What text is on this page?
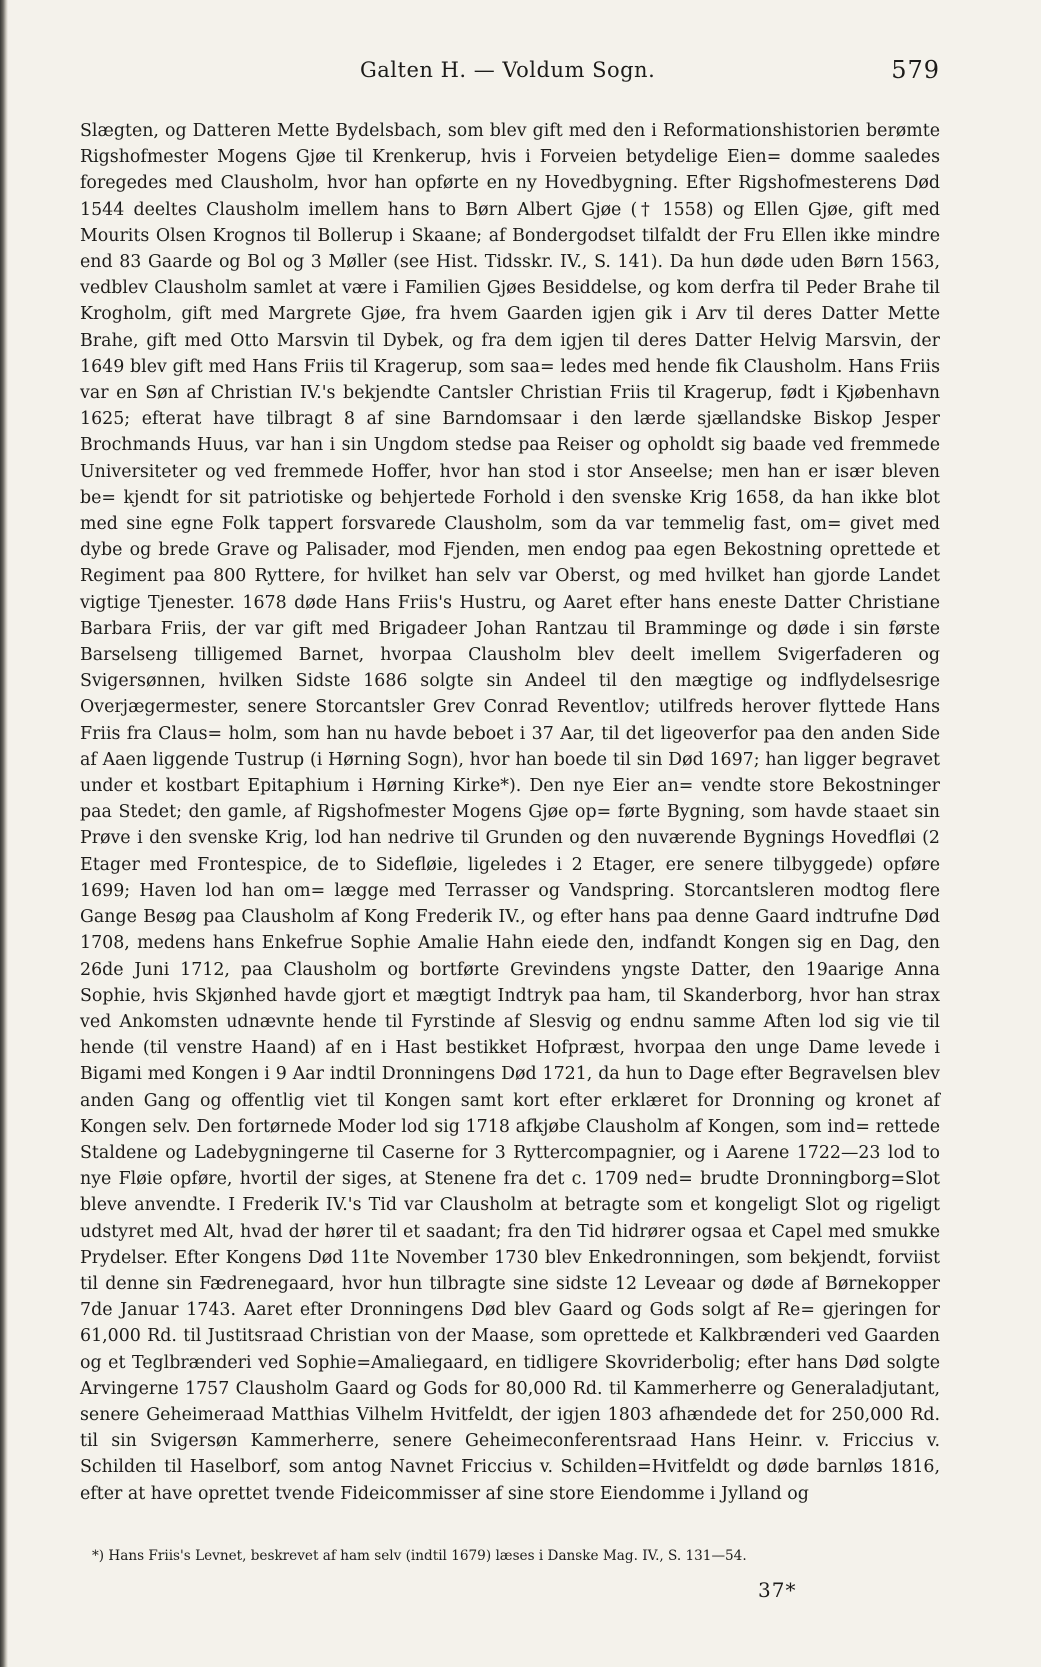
Galten H. — Voldum Sogn.	579

Slægten, og Datteren Mette Bydelsbach, som blev gift med den i Reformationshistorien berømte Rigshofmester Mogens Gjøe til Krenkerup, hvis i Forveien betydelige Eien= domme saaledes foregedes med Clausholm, hvor han opførte en ny Hovedbygning. Efter Rigshofmesterens Død 1544 deeltes Clausholm imellem hans to Børn Albert Gjøe († 1558) og Ellen Gjøe, gift med Mourits Olsen Krognos til Bollerup i Skaane; af Bondergodset tilfaldt der Fru Ellen ikke mindre end 83 Gaarde og Bol og 3 Møller (see Hist. Tidsskr. IV., S. 141). Da hun døde uden Børn 1563, vedblev Clausholm samlet at være i Familien Gjøes Besiddelse, og kom derfra til Peder Brahe til Krogholm, gift med Margrete Gjøe, fra hvem Gaarden igjen gik i Arv til deres Datter Mette Brahe, gift med Otto Marsvin til Dybek, og fra dem igjen til deres Datter Helvig Marsvin, der 1649 blev gift med Hans Friis til Kragerup, som saa= ledes med hende fik Clausholm. Hans Friis var en Søn af Christian IV.'s bekjendte Cantsler Christian Friis til Kragerup, født i Kjøbenhavn 1625; efterat have tilbragt 8 af sine Barndomsaar i den lærde sjællandske Biskop Jesper Brochmands Huus, var han i sin Ungdom stedse paa Reiser og opholdt sig baade ved fremmede Universiteter og ved fremmede Hoffer, hvor han stod i stor Anseelse; men han er især bleven be= kjendt for sit patriotiske og behjertede Forhold i den svenske Krig 1658, da han ikke blot med sine egne Folk tappert forsvarede Clausholm, som da var temmelig fast, om= givet med dybe og brede Grave og Palisader, mod Fjenden, men endog paa egen Bekostning oprettede et Regiment paa 800 Ryttere, for hvilket han selv var Oberst, og med hvilket han gjorde Landet vigtige Tjenester. 1678 døde Hans Friis's Hustru, og Aaret efter hans eneste Datter Christiane Barbara Friis, der var gift med Brigadeer Johan Rantzau til Bramminge og døde i sin første Barselseng tilligemed Barnet, hvorpaa Clausholm blev deelt imellem Svigerfaderen og Svigersønnen, hvilken Sidste 1686 solgte sin Andeel til den mægtige og indflydelsesrige Overjægermester, senere Storcantsler Grev Conrad Reventlov; utilfreds herover flyttede Hans Friis fra Claus= holm, som han nu havde beboet i 37 Aar, til det ligeoverfor paa den anden Side af Aaen liggende Tustrup (i Hørning Sogn), hvor han boede til sin Død 1697; han ligger begravet under et kostbart Epitaphium i Hørning Kirke*). Den nye Eier an= vendte store Bekostninger paa Stedet; den gamle, af Rigshofmester Mogens Gjøe op= førte Bygning, som havde staaet sin Prøve i den svenske Krig, lod han nedrive til Grunden og den nuværende Bygnings Hovedfløi (2 Etager med Frontespice, de to Sidefløie, ligeledes i 2 Etager, ere senere tilbyggede) opføre 1699; Haven lod han om= lægge med Terrasser og Vandspring. Storcantsleren modtog flere Gange Besøg paa Clausholm af Kong Frederik IV., og efter hans paa denne Gaard indtrufne Død 1708, medens hans Enkefrue Sophie Amalie Hahn eiede den, indfandt Kongen sig en Dag, den 26de Juni 1712, paa Clausholm og bortførte Grevindens yngste Datter, den 19aarige Anna Sophie, hvis Skjønhed havde gjort et mægtigt Indtryk paa ham, til Skanderborg, hvor han strax ved Ankomsten udnævnte hende til Fyrstinde af Slesvig og endnu samme Aften lod sig vie til hende (til venstre Haand) af en i Hast bestikket Hofpræst, hvorpaa den unge Dame levede i Bigami med Kongen i 9 Aar indtil Dronningens Død 1721, da hun to Dage efter Begravelsen blev anden Gang og offentlig viet til Kongen samt kort efter erklæret for Dronning og kronet af Kongen selv. Den fortørnede Moder lod sig 1718 afkjøbe Clausholm af Kongen, som ind= rettede Staldene og Ladebygningerne til Caserne for 3 Ryttercompagnier, og i Aarene 1722—23 lod to nye Fløie opføre, hvortil der siges, at Stenene fra det c. 1709 ned= brudte Dronningborg=Slot bleve anvendte. I Frederik IV.'s Tid var Clausholm at betragte som et kongeligt Slot og rigeligt udstyret med Alt, hvad der hører til et saadant; fra den Tid hidrører ogsaa et Capel med smukke Prydelser. Efter Kongens Død 11te November 1730 blev Enkedronningen, som bekjendt, forviist til denne sin Fædrenegaard, hvor hun tilbragte sine sidste 12 Leveaar og døde af Børnekopper 7de Januar 1743. Aaret efter Dronningens Død blev Gaard og Gods solgt af Re= gjeringen for 61,000 Rd. til Justitsraad Christian von der Maase, som oprettede et Kalkbrænderi ved Gaarden og et Teglbrænderi ved Sophie=Amaliegaard, en tidligere Skovriderbolig; efter hans Død solgte Arvingerne 1757 Clausholm Gaard og Gods for 80,000 Rd. til Kammerherre og Generaladjutant, senere Geheimeraad Matthias Vilhelm Hvitfeldt, der igjen 1803 afhændede det for 250,000 Rd. til sin Svigersøn Kammerherre, senere Geheimeconferentsraad Hans Heinr. v. Friccius v. Schilden til Haselborf, som antog Navnet Friccius v. Schilden=Hvitfeldt og døde barnløs 1816, efter at have oprettet tvende Fideicommisser af sine store Eiendomme i Jylland og

*) Hans Friis's Levnet, beskrevet af ham selv (indtil 1679) læses i Danske Mag. IV., S. 131—54.
37*
